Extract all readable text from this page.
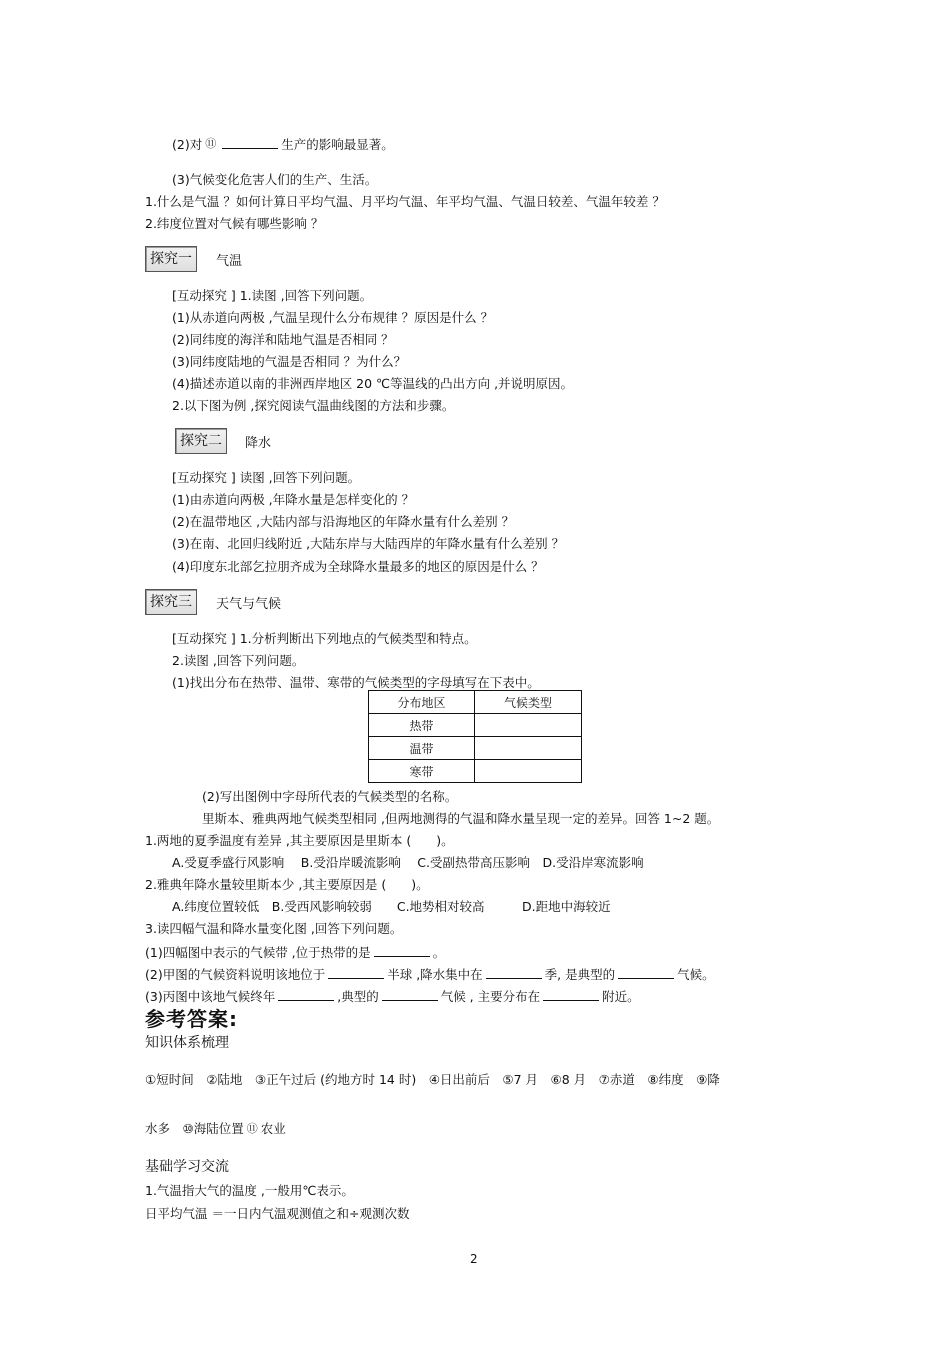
(2)对 ⑪	生产的影响最显著。
(3)气候变化危害人们的生产、生活。
1.什么是气温 ？如何计算日平均气温、月平均气温、年平均气温、气温日较差、气温年较差 ？
2.纬度位置对气候有哪些影响 ？
探究一	气温
[互动探究 ] 1.读图 ,回答下列问题。
(1)从赤道向两极 ,气温呈现什么分布规律 ？原因是什么 ？
(2)同纬度的海洋和陆地气温是否相同 ？
(3)同纬度陆地的气温是否相同 ？为什么？
(4)描述赤道以南的非洲西岸地区 20 ℃等温线的凸出方向 ,并说明原因。
2.以下图为例 ,探究阅读气温曲线图的方法和步骤。
探究二	降水
[互动探究 ] 读图 ,回答下列问题。
(1)由赤道向两极 ,年降水量是怎样变化的 ？
(2)在温带地区 ,大陆内部与沿海地区的年降水量有什么差别 ？
(3)在南、北回归线附近 ,大陆东岸与大陆西岸的年降水量有什么差别 ？
(4)印度东北部乞拉朋齐成为全球降水量最多的地区的原因是什么 ？
探究三	天气与气候
[互动探究 ] 1.分析判断出下列地点的气候类型和特点。
2.读图 ,回答下列问题。
(1)找出分布在热带、温带、寒带的气候类型的字母填写在下表中。
分布地区	气候类型
热带	
温带	
寒带	
(2)写出图例中字母所代表的气候类型的名称。
里斯本、雅典两地气候类型相同 ,但两地测得的气温和降水量呈现一定的差异。回答 1~2 题。
1.两地的夏季温度有差异 ,其主要原因是里斯本 (　　)。
A.受夏季盛行风影响　 B.受沿岸暖流影响　 C.受副热带高压影响　D.受沿岸寒流影响
2.雅典年降水量较里斯本少 ,其主要原因是 (　　)。
A.纬度位置较低　B.受西风影响较弱　　C.地势相对较高　　　D.距地中海较近
3.读四幅气温和降水量变化图 ,回答下列问题。
(1)四幅图中表示的气候带 ,位于热带的是	。
(2)甲图的气候资料说明该地位于	半球 ,降水集中在	季, 是典型的	气候。
(3)丙图中该地气候终年	,典型的	气候 , 主要分布在	附近。
参考答案:
知识体系梳理
①短时间　②陆地　③正午过后 (约地方时 14 时)　④日出前后　⑤7 月　⑥8 月　⑦赤道　⑧纬度　⑨降
水多　⑩海陆位置 ⑪ 农业
基础学习交流
1.气温指大气的温度 ,一般用℃表示。
日平均气温 ＝一日内气温观测值之和÷观测次数
2
